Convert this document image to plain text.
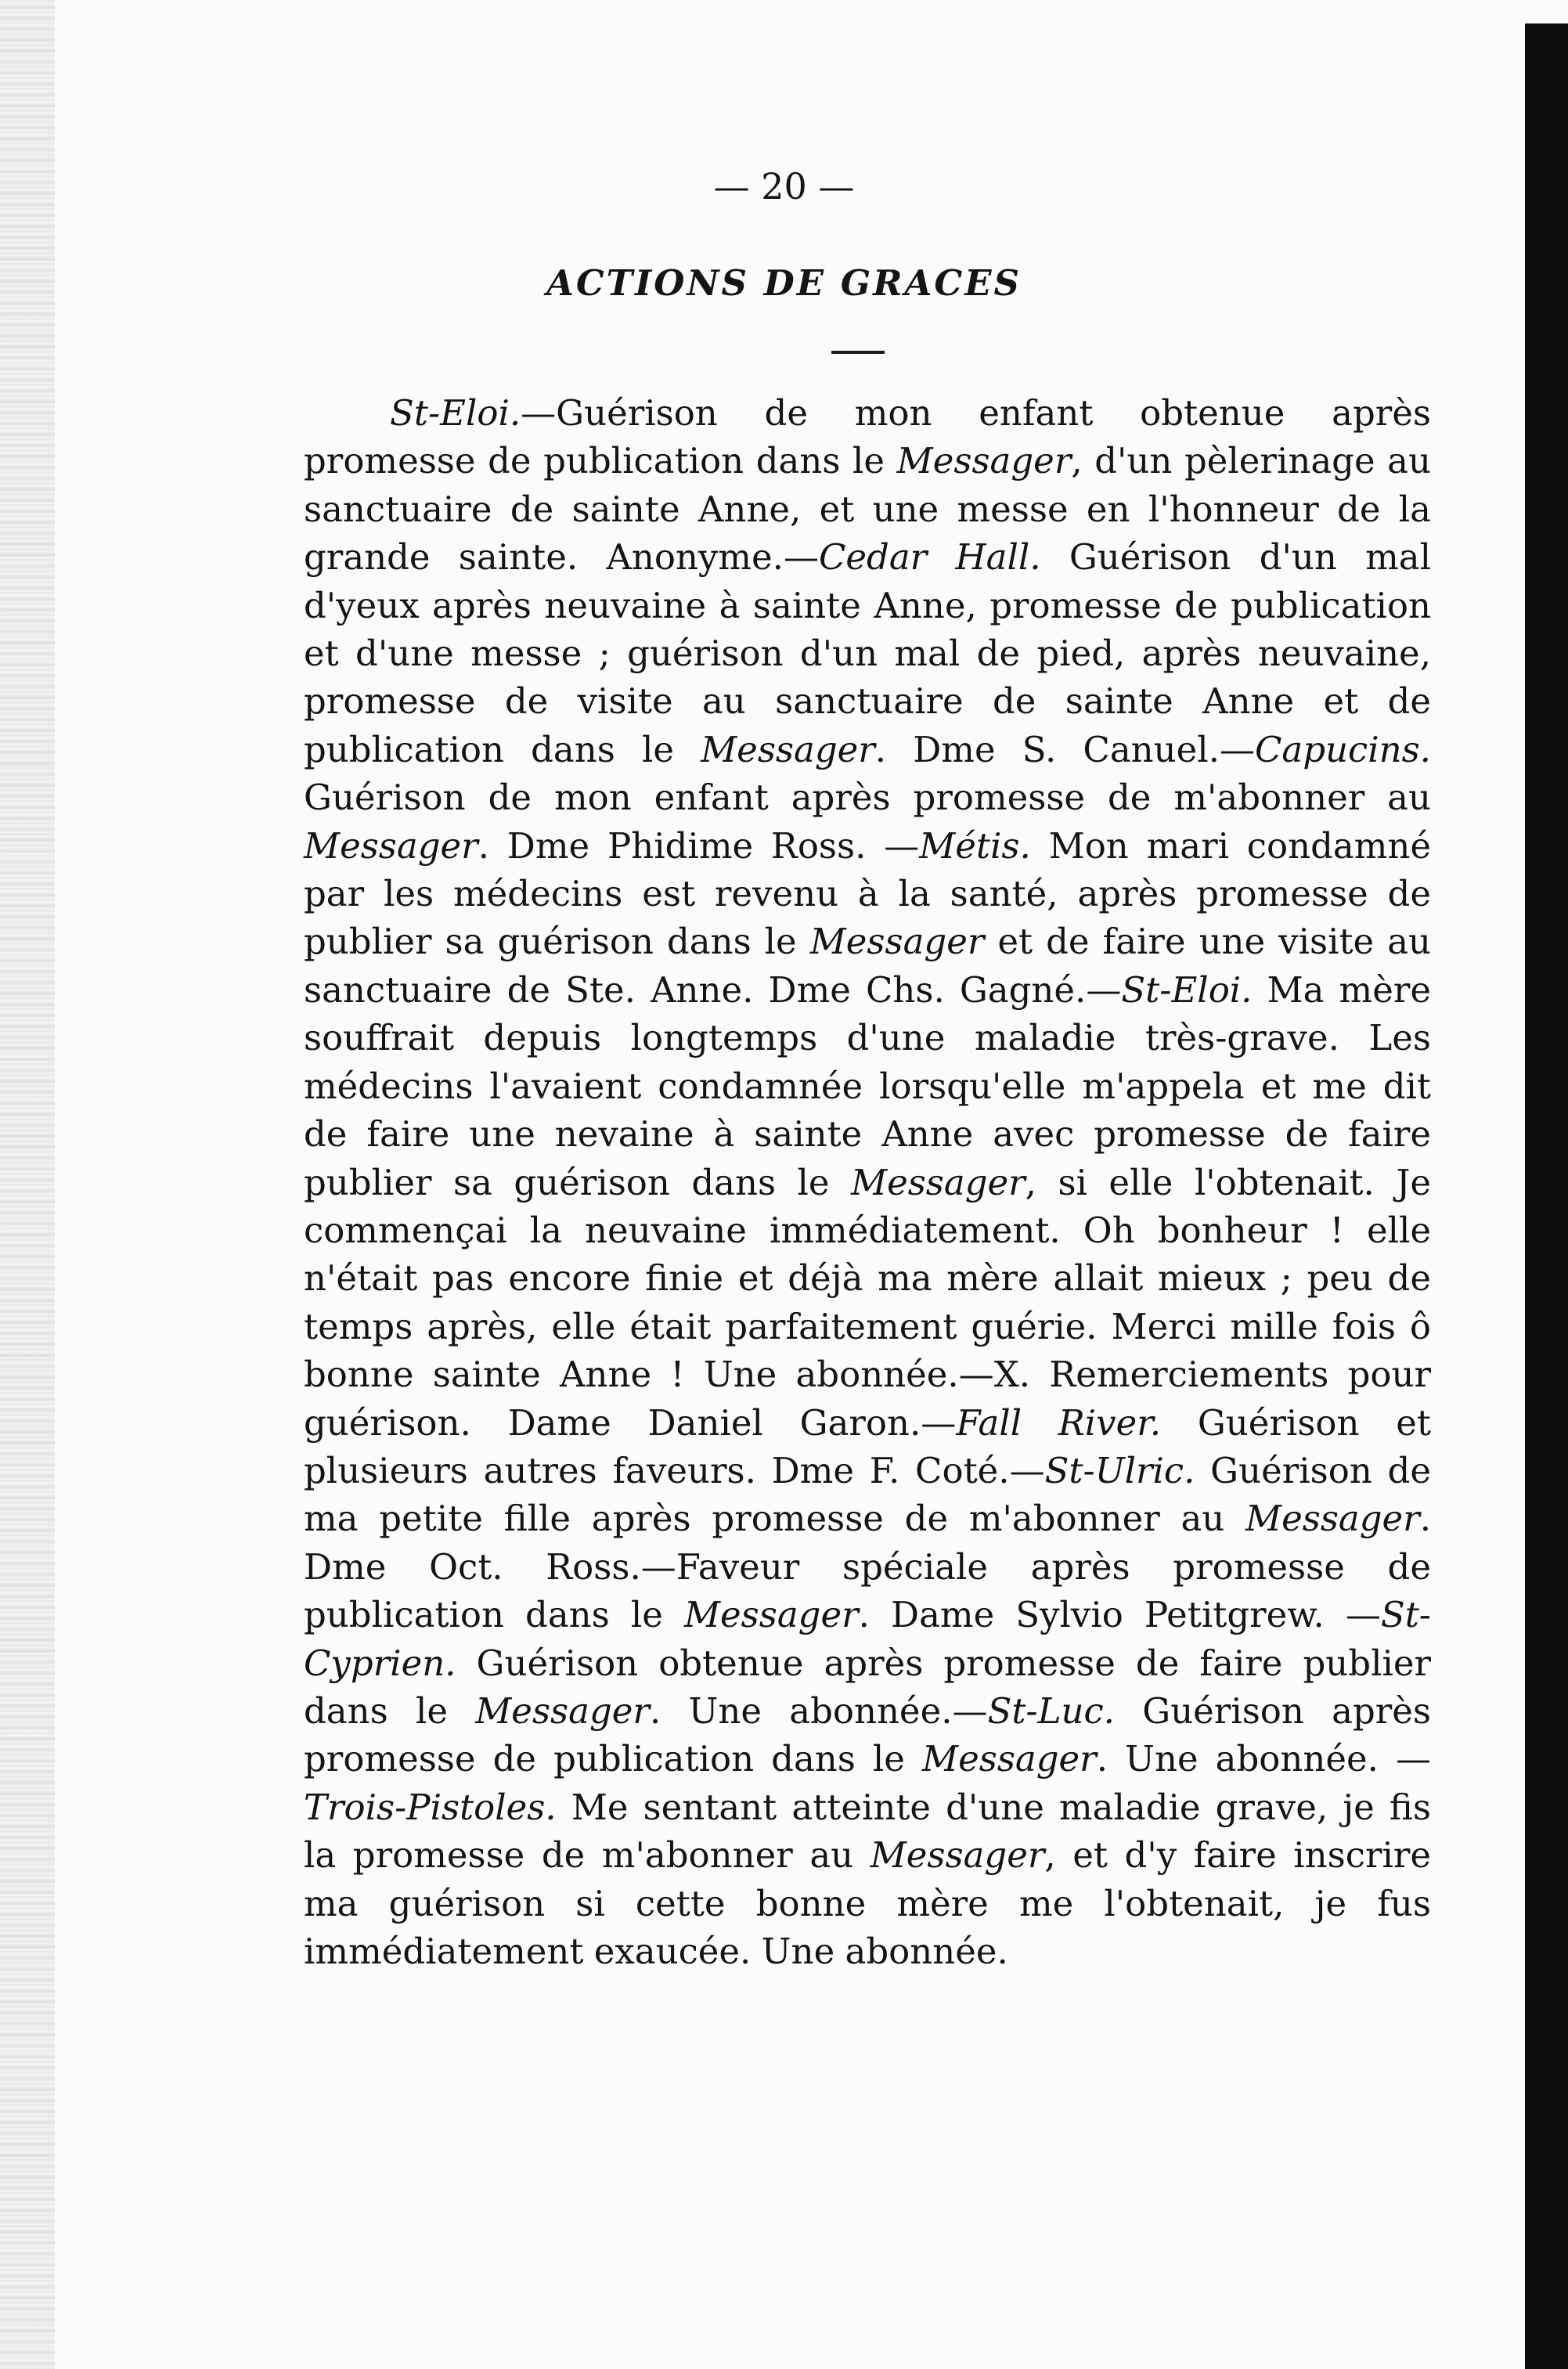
— 20 —
ACTIONS DE GRACES

St-Eloi.—Guérison de mon enfant obtenue après promesse de publication dans le Messager, d'un pèlerinage au sanctuaire de sainte Anne, et une messe en l'honneur de la grande sainte. Anonyme.—Cedar Hall. Guérison d'un mal d'yeux après neuvaine à sainte Anne, promesse de publication et d'une messe ; guérison d'un mal de pied, après neuvaine, promesse de visite au sanctuaire de sainte Anne et de publication dans le Messager. Dme S. Canuel.—Capucins. Guérison de mon enfant après promesse de m'abonner au Messager. Dme Phidime Ross. —Métis. Mon mari condamné par les médecins est revenu à la santé, après promesse de publier sa guérison dans le Messager et de faire une visite au sanctuaire de Ste. Anne. Dme Chs. Gagné.—St-Eloi. Ma mère souffrait depuis longtemps d'une maladie très-grave. Les médecins l'avaient condamnée lorsqu'elle m'appela et me dit de faire une nevaine à sainte Anne avec promesse de faire publier sa guérison dans le Messager, si elle l'obtenait. Je commençai la neuvaine immédiatement. Oh bonheur ! elle n'était pas encore finie et déjà ma mère allait mieux ; peu de temps après, elle était parfaitement guérie. Merci mille fois ô bonne sainte Anne ! Une abonnée.—X. Remerciements pour guérison. Dame Daniel Garon.—Fall River. Guérison et plusieurs autres faveurs. Dme F. Coté.—St-Ulric. Guérison de ma petite fille après promesse de m'abonner au Messager. Dme Oct. Ross.—Faveur spéciale après promesse de publication dans le Messager. Dame Sylvio Petitgrew. —St-Cyprien. Guérison obtenue après promesse de faire publier dans le Messager. Une abonnée.—St-Luc. Guérison après promesse de publication dans le Messager. Une abonnée. — Trois-Pistoles. Me sentant atteinte d'une maladie grave, je fis la promesse de m'abonner au Messager, et d'y faire inscrire ma guérison si cette bonne mère me l'obtenait, je fus immédiatement exaucée. Une abonnée.
